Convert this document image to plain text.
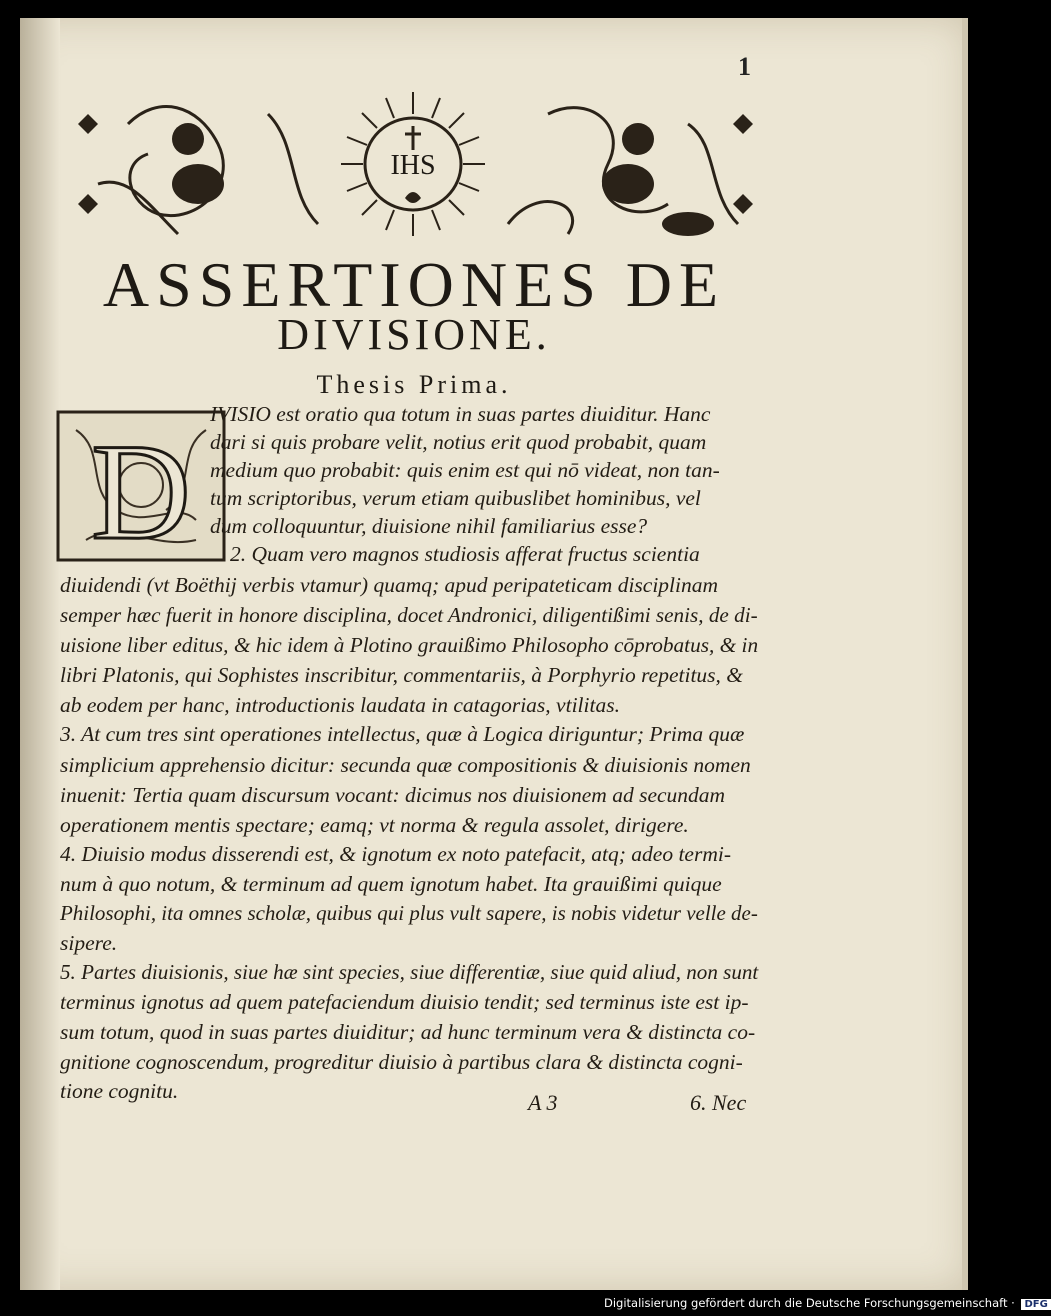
1
IHS
ASSERTIONES DE
DIVISIONE.
Thesis Prima.
D
IVISIO est oratio qua totum in suas partes diuiditur. Hanc
dari si quis probare velit, notius erit quod probabit, quam
medium quo probabit: quis enim est qui nō videat, non tan-
tum scriptoribus, verum etiam quibuslibet hominibus, vel
dum colloquuntur, diuisione nihil familiarius esse?
2. Quam vero magnos studiosis afferat fructus scientia
diuidendi (vt Boëthij verbis vtamur) quamq; apud peripateticam disciplinam
semper hæc fuerit in honore disciplina, docet Andronici, diligentißimi senis, de di-
uisione liber editus, & hic idem à Plotino grauißimo Philosopho cōprobatus, & in
libri Platonis, qui Sophistes inscribitur, commentariis, à Porphyrio repetitus, &
ab eodem per hanc, introductionis laudata in catagorias, vtilitas.
3. At cum tres sint operationes intellectus, quæ à Logica diriguntur; Prima quæ
simplicium apprehensio dicitur: secunda quæ compositionis & diuisionis nomen
inuenit: Tertia quam discursum vocant: dicimus nos diuisionem ad secundam
operationem mentis spectare; eamq; vt norma & regula assolet, dirigere.
4. Diuisio modus disserendi est, & ignotum ex noto patefacit, atq; adeo termi-
num à quo notum, & terminum ad quem ignotum habet. Ita grauißimi quique
Philosophi, ita omnes scholæ, quibus qui plus vult sapere, is nobis videtur velle de-
sipere.
5. Partes diuisionis, siue hæ sint species, siue differentiæ, siue quid aliud, non sunt
terminus ignotus ad quem patefaciendum diuisio tendit; sed terminus iste est ip-
sum totum, quod in suas partes diuiditur; ad hunc terminum vera & distincta co-
gnitione cognoscendum, progreditur diuisio à partibus clara & distincta cogni-
tione cognitu.	A 3	6. Nec
Digitalisierung gefördert durch die Deutsche Forschungsgemeinschaft · DFG
